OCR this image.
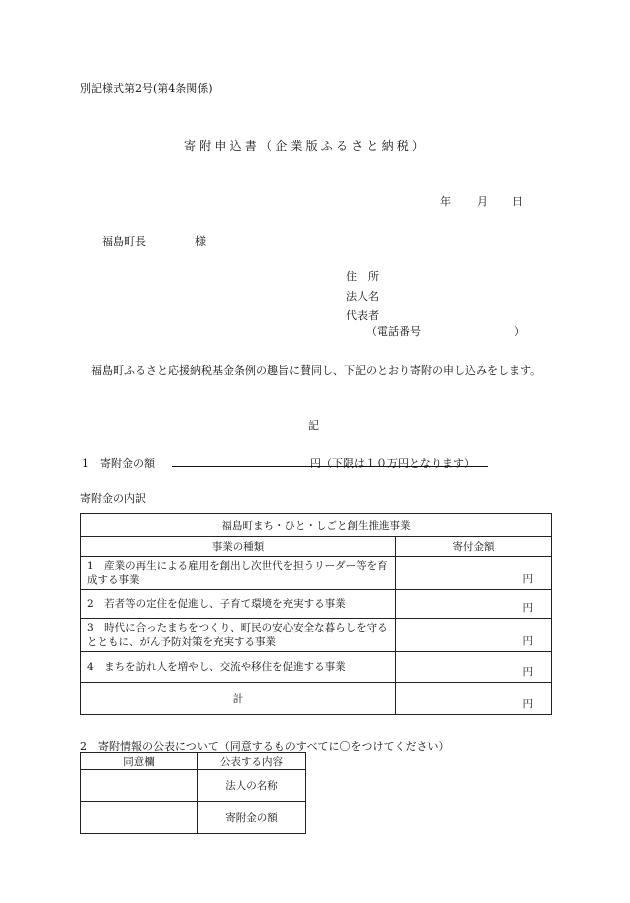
別記様式第2号(第4条関係)
寄附申込書（企業版ふるさと納税）
年 月 日
福島町長	様
住　所
法人名
代表者
（電話番号	）
福島町ふるさと応援納税基金条例の趣旨に賛同し、下記のとおり寄附の申し込みをします。
記
1　寄附金の額	円（下限は１０万円となります）
寄附金の内訳
福島町まち・ひと・しごと創生推進事業	
事業の種類	寄付金額
1　産業の再生による雇用を創出し次世代を担うリーダー等を育成する事業	円

2　若者等の定住を促進し、子育て環境を充実する事業	円

3　時代に合ったまちをつくり、町民の安心安全な暮らしを守るとともに、がん予防対策を充実する事業	円

4　まちを訪れ人を増やし、交流や移住を促進する事業	円

計	円
2　寄附情報の公表について（同意するものすべてに〇をつけてください）
同意欄	公表する内容
	法人の名称
	寄附金の額
